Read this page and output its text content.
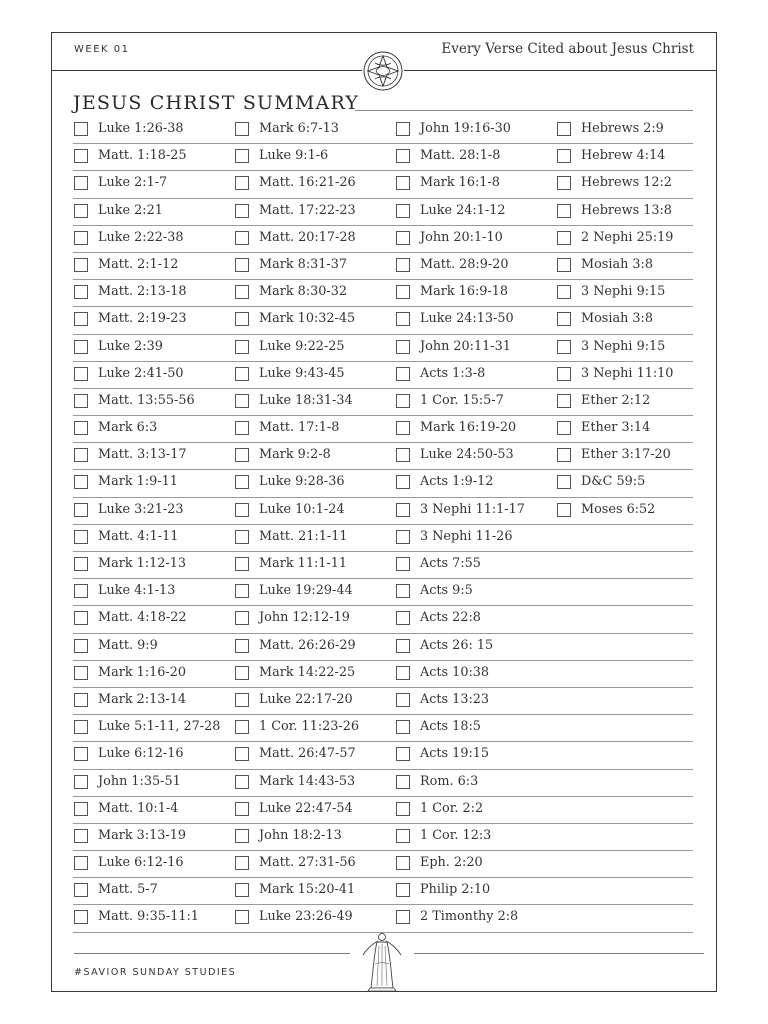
WEEK 01	Every Verse Cited about Jesus Christ
JESUS CHRIST SUMMARY
Luke 1:26-38
Matt. 1:18-25
Luke 2:1-7
Luke 2:21
Luke 2:22-38
Matt. 2:1-12
Matt. 2:13-18
Matt. 2:19-23
Luke 2:39
Luke 2:41-50
Matt. 13:55-56
Mark 6:3
Matt. 3:13-17
Mark 1:9-11
Luke 3:21-23
Matt. 4:1-11
Mark 1:12-13
Luke 4:1-13
Matt. 4:18-22
Matt. 9:9
Mark 1:16-20
Mark 2:13-14
Luke 5:1-11, 27-28
Luke 6:12-16
John 1:35-51
Matt. 10:1-4
Mark 3:13-19
Luke 6:12-16
Matt. 5-7
Matt. 9:35-11:1
Mark 6:7-13
Luke 9:1-6
Matt. 16:21-26
Matt. 17:22-23
Matt. 20:17-28
Mark 8:31-37
Mark 8:30-32
Mark 10:32-45
Luke 9:22-25
Luke 9:43-45
Luke 18:31-34
Matt. 17:1-8
Mark 9:2-8
Luke 9:28-36
Luke 10:1-24
Matt. 21:1-11
Mark 11:1-11
Luke 19:29-44
John 12:12-19
Matt. 26:26-29
Mark 14:22-25
Luke 22:17-20
1 Cor. 11:23-26
Matt. 26:47-57
Mark 14:43-53
Luke 22:47-54
John 18:2-13
Matt. 27:31-56
Mark 15:20-41
Luke 23:26-49
John 19:16-30
Matt. 28:1-8
Mark 16:1-8
Luke 24:1-12
John 20:1-10
Matt. 28:9-20
Mark 16:9-18
Luke 24:13-50
John 20:11-31
Acts 1:3-8
1 Cor. 15:5-7
Mark 16:19-20
Luke 24:50-53
Acts 1:9-12
3 Nephi 11:1-17
3 Nephi 11-26
Acts 7:55
Acts 9:5
Acts 22:8
Acts 26: 15
Acts 10:38
Acts 13:23
Acts 18:5
Acts 19:15
Rom. 6:3
1 Cor. 2:2
1 Cor. 12:3
Eph. 2:20
Philip 2:10
2 Timonthy 2:8
Hebrews 2:9
Hebrew 4:14
Hebrews 12:2
Hebrews 13:8
2 Nephi 25:19
Mosiah 3:8
3 Nephi 9:15
Mosiah 3:8
3 Nephi 9:15
3 Nephi 11:10
Ether 2:12
Ether 3:14
Ether 3:17-20
D&C 59:5
Moses 6:52
#SAVIOR SUNDAY STUDIES
